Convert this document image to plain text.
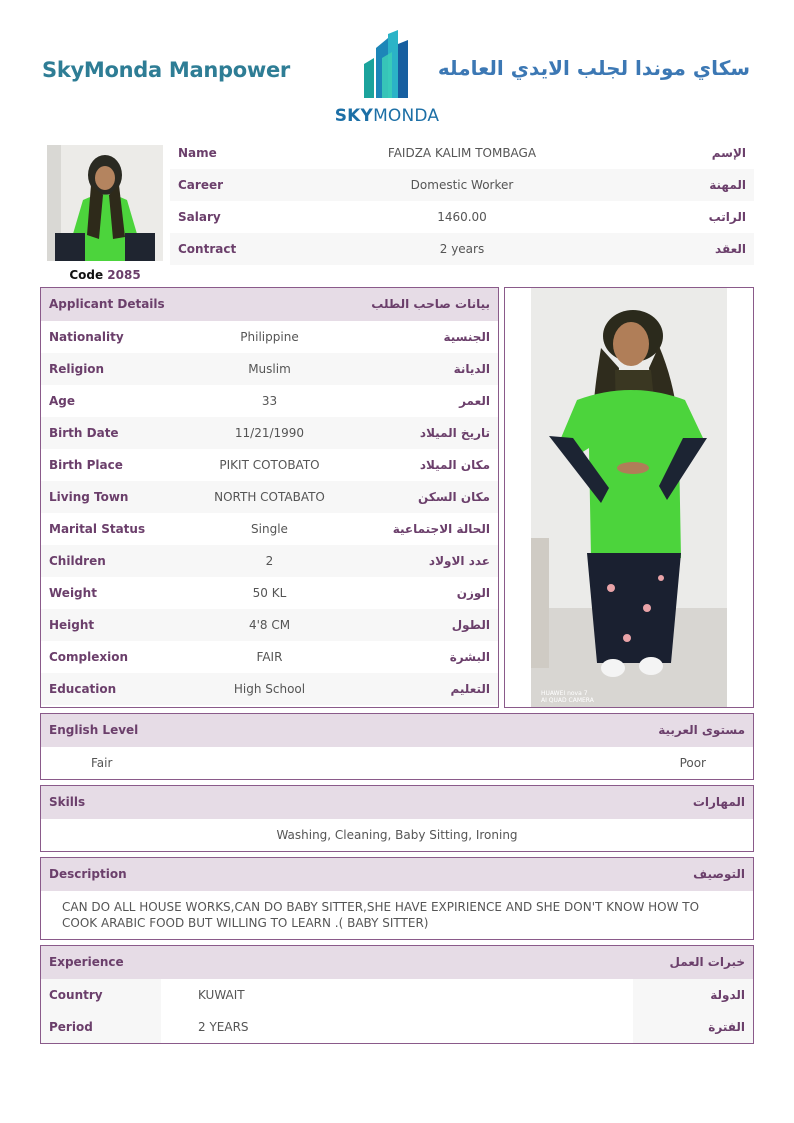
SkyMonda Manpower
SKYMONDA
سكاي موندا لجلب الايدي العامله
Code 2085
Name	FAIDZA KALIM TOMBAGA	الإسم
Career	Domestic Worker	المهنة
Salary	1460.00	الراتب
Contract	2 years	العقد
Applicant Details	بيانات صاحب الطلب
Nationality	Philippine	الجنسية
Religion	Muslim	الديانة
Age	33	العمر
Birth Date	11/21/1990	تاريخ الميلاد
Birth Place	PIKIT COTOBATO	مكان الميلاد
Living Town	NORTH COTABATO	مكان السكن
Marital Status	Single	الحالة الاجتماعية
Children	2	عدد الاولاد
Weight	50 KL	الوزن
Height	4'8 CM	الطول
Complexion	FAIR	البشرة
Education	High School	التعليم	HUAWEI nova 7
AI QUAD CAMERA
English Level	مستوى العربية
Fair	Poor
Skills	المهارات
Washing, Cleaning, Baby Sitting, Ironing
Description	التوصيف
CAN DO ALL HOUSE WORKS,CAN DO BABY SITTER,SHE HAVE EXPIRIENCE AND SHE DON'T KNOW HOW TO COOK ARABIC FOOD BUT WILLING TO LEARN .( BABY SITTER)
Experience	خبرات العمل
Country	KUWAIT	الدولة
Period	2 YEARS	الفترة
